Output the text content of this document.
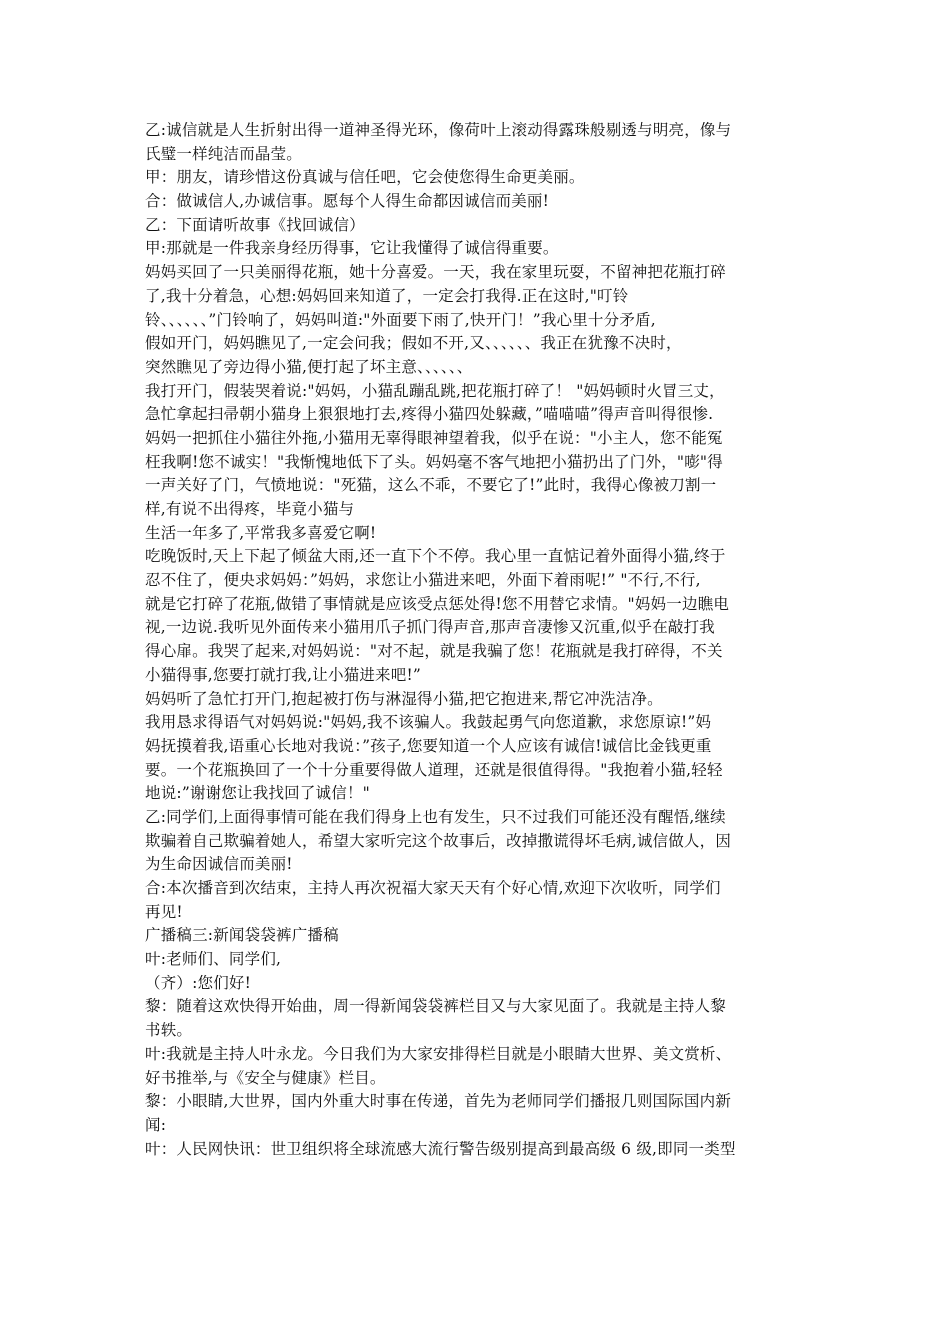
乙:诚信就是人生折射出得一道神圣得光环，像荷叶上滚动得露珠般剔透与明亮，像与
氏璧一样纯洁而晶莹。
甲：朋友，请珍惜这份真诚与信任吧，它会使您得生命更美丽。
合：做诚信人,办诚信事。愿每个人得生命都因诚信而美丽!
乙：下面请听故事《找回诚信）
甲:那就是一件我亲身经历得事，它让我懂得了诚信得重要。
妈妈买回了一只美丽得花瓶，她十分喜爱。一天，我在家里玩耍，不留神把花瓶打碎
了,我十分着急，心想:妈妈回来知道了，一定会打我得.正在这时,"叮铃
铃、、、、、、”门铃响了，妈妈叫道:"外面要下雨了,快开门！”我心里十分矛盾,
假如开门，妈妈瞧见了,一定会问我；假如不开,又、、、、、、我正在犹豫不决时，
突然瞧见了旁边得小猫,便打起了坏主意、、、、、、
我打开门，假装哭着说:"妈妈，小猫乱蹦乱跳,把花瓶打碎了！ "妈妈顿时火冒三丈，
急忙拿起扫帚朝小猫身上狠狠地打去,疼得小猫四处躲藏，”喵喵喵”得声音叫得很惨.
妈妈一把抓住小猫往外拖,小猫用无辜得眼神望着我，似乎在说："小主人，您不能冤
枉我啊!您不诚实！"我惭愧地低下了头。妈妈毫不客气地把小猫扔出了门外，"嘭"得
一声关好了门，气愤地说："死猫，这么不乖，不要它了!”此时，我得心像被刀割一
样,有说不出得疼，毕竟小猫与
生活一年多了,平常我多喜爱它啊!
吃晚饭时,天上下起了倾盆大雨,还一直下个不停。我心里一直惦记着外面得小猫,终于
忍不住了，便央求妈妈：”妈妈，求您让小猫进来吧，外面下着雨呢!” "不行,不行,
就是它打碎了花瓶,做错了事情就是应该受点惩处得!您不用替它求情。"妈妈一边瞧电
视,一边说.我听见外面传来小猫用爪子抓门得声音,那声音凄惨又沉重,似乎在敲打我
得心扉。我哭了起来,对妈妈说："对不起，就是我骗了您！花瓶就是我打碎得，不关
小猫得事,您要打就打我,让小猫进来吧!”
妈妈听了急忙打开门,抱起被打伤与淋湿得小猫,把它抱进来,帮它冲洗洁净。
我用恳求得语气对妈妈说:"妈妈,我不该骗人。我鼓起勇气向您道歉，求您原谅!”妈
妈抚摸着我,语重心长地对我说：”孩子,您要知道一个人应该有诚信!诚信比金钱更重
要。一个花瓶换回了一个十分重要得做人道理，还就是很值得得。"我抱着小猫,轻轻
地说:”谢谢您让我找回了诚信！"
乙:同学们,上面得事情可能在我们得身上也有发生，只不过我们可能还没有醒悟,继续
欺骗着自己欺骗着她人，希望大家听完这个故事后，改掉撒谎得坏毛病,诚信做人，因
为生命因诚信而美丽!
合:本次播音到次结束，主持人再次祝福大家天天有个好心情,欢迎下次收听，同学们
再见!
广播稿三:新闻袋袋裤广播稿
叶:老师们、同学们,
（齐）:您们好!
黎：随着这欢快得开始曲，周一得新闻袋袋裤栏目又与大家见面了。我就是主持人黎
书轶。
叶:我就是主持人叶永龙。今日我们为大家安排得栏目就是小眼睛大世界、美文赏析、
好书推举,与《安全与健康》栏目。
黎：小眼睛,大世界，国内外重大时事在传递，首先为老师同学们播报几则国际国内新
闻:
叶：人民网快讯：世卫组织将全球流感大流行警告级别提高到最高级 6 级,即同一类型
